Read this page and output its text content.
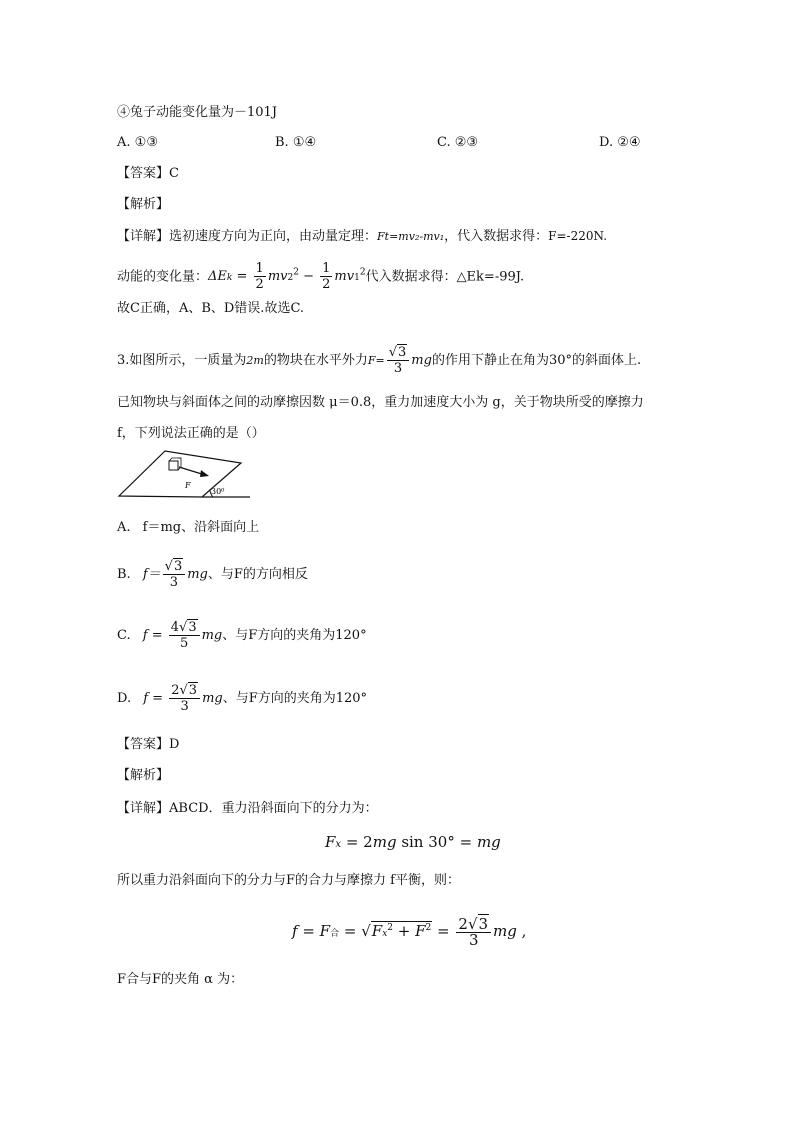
④兔子动能变化量为－101J
A. ①③	B. ①④	C. ②③	D. ②④
【答案】C
【解析】
【详解】选初速度方向为正向，由动量定理：Ft=mv₂-mv₁，代入数据求得：F=-220N.
动能的变化量：$\Delta Ek = \frac{1}{2} mv2^2 - \frac{1}{2} mv1^2$代入数据求得：△Ek=-99J.
故C正确，A、B、D错误.故选C.
3.如图所示，一质量为2m的物块在水平外力$F= \frac{√3}{3}$ mg的作用下静止在角为30°的斜面体上.
已知物块与斜面体之间的动摩擦因数 μ＝0.8，重力加速度大小为 g，关于物块所受的摩擦力
f，下列说法正确的是（）
F
30⁰
A. f＝mg、沿斜面向上
B. $f= \frac{√3}{3}$ mg、与F的方向相反
C. $f = \frac{4√3}{5}$ mg、与F方向的夹角为120°
D. $f = \frac{2√3}{3}$ mg、与F方向的夹角为120°
【答案】D
【解析】
【详解】ABCD．重力沿斜面向下的分力为：
Fx = 2mg sin 30° = mg
所以重力沿斜面向下的分力与F的合力与摩擦力 f平衡，则：
f = F合 = $√Fx^2 + F^2 = \frac{2√3}{3}$ mg ,
F合与F的夹角 α 为：
